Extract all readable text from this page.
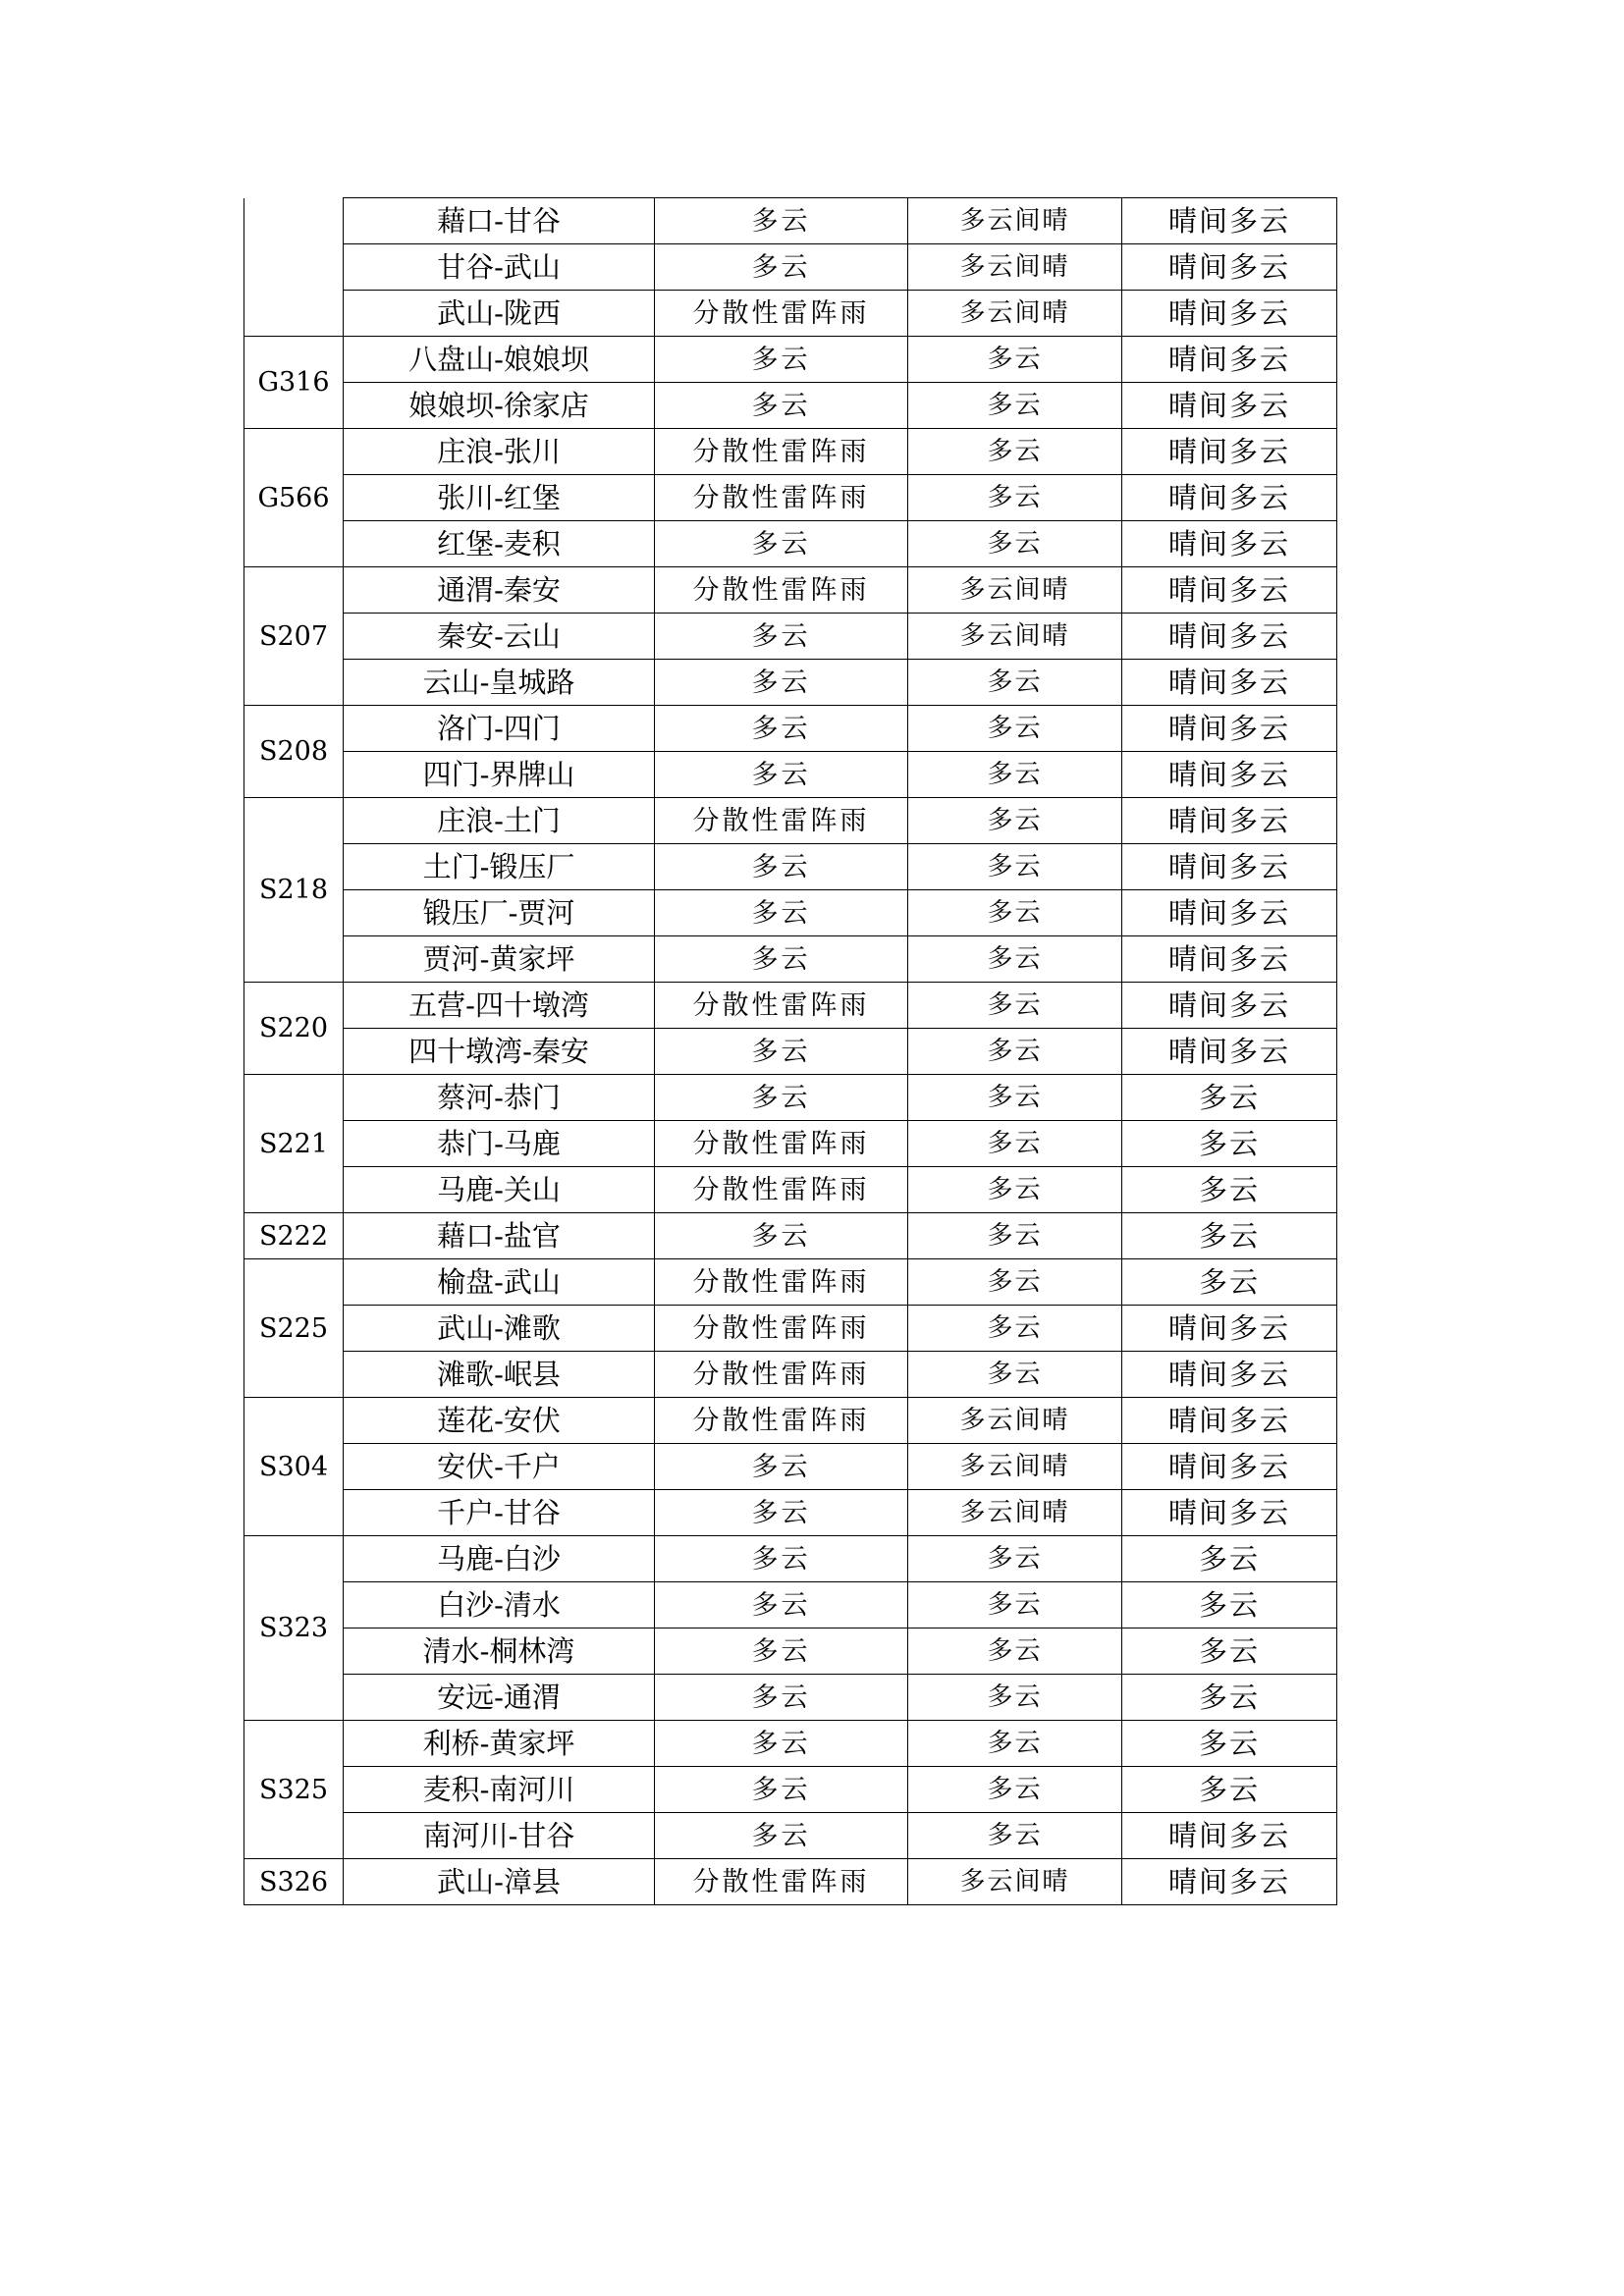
	藉口-甘谷	多云	多云间晴	晴间多云
	甘谷-武山	多云	多云间晴	晴间多云
	武山-陇西	分散性雷阵雨	多云间晴	晴间多云
G316	八盘山-娘娘坝	多云	多云	晴间多云
	娘娘坝-徐家店	多云	多云	晴间多云
G566	庄浪-张川	分散性雷阵雨	多云	晴间多云
	张川-红堡	分散性雷阵雨	多云	晴间多云
	红堡-麦积	多云	多云	晴间多云
S207	通渭-秦安	分散性雷阵雨	多云间晴	晴间多云
	秦安-云山	多云	多云间晴	晴间多云
	云山-皇城路	多云	多云	晴间多云
S208	洛门-四门	多云	多云	晴间多云
	四门-界牌山	多云	多云	晴间多云
S218	庄浪-土门	分散性雷阵雨	多云	晴间多云
	土门-锻压厂	多云	多云	晴间多云
	锻压厂-贾河	多云	多云	晴间多云
	贾河-黄家坪	多云	多云	晴间多云
S220	五营-四十墩湾	分散性雷阵雨	多云	晴间多云
	四十墩湾-秦安	多云	多云	晴间多云
S221	蔡河-恭门	多云	多云	多云
	恭门-马鹿	分散性雷阵雨	多云	多云
	马鹿-关山	分散性雷阵雨	多云	多云
S222	藉口-盐官	多云	多云	多云
S225	榆盘-武山	分散性雷阵雨	多云	多云
	武山-滩歌	分散性雷阵雨	多云	晴间多云
	滩歌-岷县	分散性雷阵雨	多云	晴间多云
S304	莲花-安伏	分散性雷阵雨	多云间晴	晴间多云
	安伏-千户	多云	多云间晴	晴间多云
	千户-甘谷	多云	多云间晴	晴间多云
S323	马鹿-白沙	多云	多云	多云
	白沙-清水	多云	多云	多云
	清水-桐林湾	多云	多云	多云
	安远-通渭	多云	多云	多云
S325	利桥-黄家坪	多云	多云	多云
	麦积-南河川	多云	多云	多云
	南河川-甘谷	多云	多云	晴间多云
S326	武山-漳县	分散性雷阵雨	多云间晴	晴间多云
